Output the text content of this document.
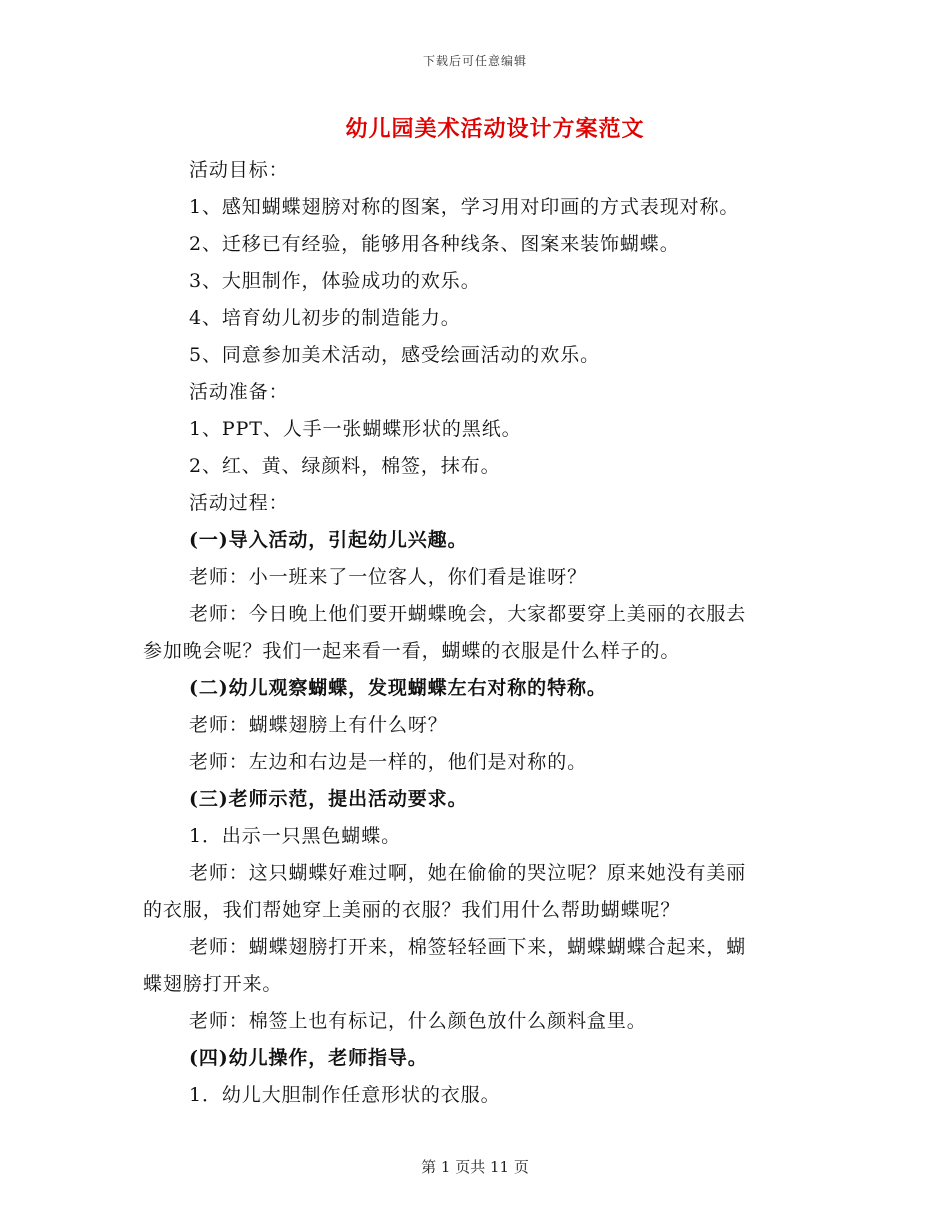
下载后可任意编辑
幼儿园美术活动设计方案范文
活动目标：
1、感知蝴蝶翅膀对称的图案，学习用对印画的方式表现对称。
2、迁移已有经验，能够用各种线条、图案来装饰蝴蝶。
3、大胆制作，体验成功的欢乐。
4、培育幼儿初步的制造能力。
5、同意参加美术活动，感受绘画活动的欢乐。
活动准备：
1、PPT、人手一张蝴蝶形状的黑纸。
2、红、黄、绿颜料，棉签，抹布。
活动过程：
(一)导入活动，引起幼儿兴趣。
老师：小一班来了一位客人，你们看是谁呀？
老师：今日晚上他们要开蝴蝶晚会，大家都要穿上美丽的衣服去
参加晚会呢？我们一起来看一看，蝴蝶的衣服是什么样子的。
(二)幼儿观察蝴蝶，发现蝴蝶左右对称的特称。
老师：蝴蝶翅膀上有什么呀？
老师：左边和右边是一样的，他们是对称的。
(三)老师示范，提出活动要求。
1．出示一只黑色蝴蝶。
老师：这只蝴蝶好难过啊，她在偷偷的哭泣呢？原来她没有美丽
的衣服，我们帮她穿上美丽的衣服？我们用什么帮助蝴蝶呢？
老师：蝴蝶翅膀打开来，棉签轻轻画下来，蝴蝶蝴蝶合起来，蝴
蝶翅膀打开来。
老师：棉签上也有标记，什么颜色放什么颜料盒里。
(四)幼儿操作，老师指导。
1．幼儿大胆制作任意形状的衣服。
第 1 页共 11 页
